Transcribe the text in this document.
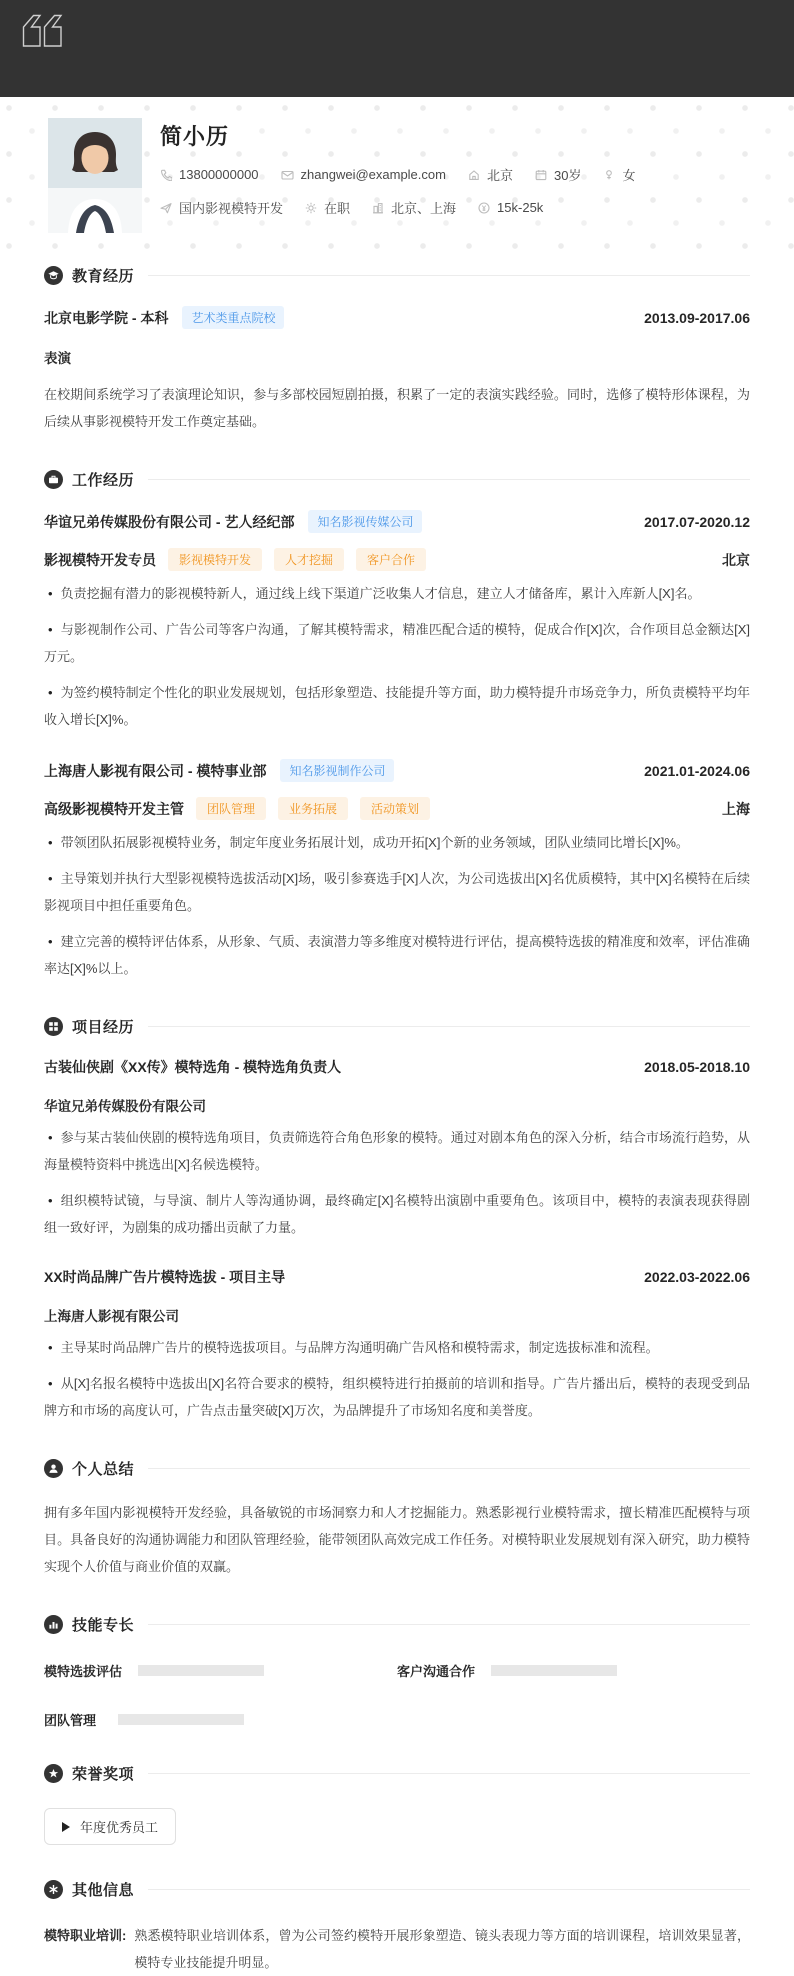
简小历
13800000000	zhangwei@example.com	北京	30岁	女
国内影视模特开发	在职	北京、上海	15k-25k
教育经历
北京电影学院 - 本科	艺术类重点院校	2013.09-2017.06
表演
在校期间系统学习了表演理论知识，参与多部校园短剧拍摄，积累了一定的表演实践经验。同时，选修了模特形体课程，为后续从事影视模特开发工作奠定基础。
工作经历
华谊兄弟传媒股份有限公司 - 艺人经纪部	知名影视传媒公司	2017.07-2020.12
影视模特开发专员	影视模特开发	人才挖掘	客户合作	北京
• 负责挖掘有潜力的影视模特新人，通过线上线下渠道广泛收集人才信息，建立人才储备库，累计入库新人[X]名。
• 与影视制作公司、广告公司等客户沟通，了解其模特需求，精准匹配合适的模特，促成合作[X]次，合作项目总金额达[X]万元。
• 为签约模特制定个性化的职业发展规划，包括形象塑造、技能提升等方面，助力模特提升市场竞争力，所负责模特平均年收入增长[X]%。
上海唐人影视有限公司 - 模特事业部	知名影视制作公司	2021.01-2024.06
高级影视模特开发主管	团队管理	业务拓展	活动策划	上海
• 带领团队拓展影视模特业务，制定年度业务拓展计划，成功开拓[X]个新的业务领域，团队业绩同比增长[X]%。
• 主导策划并执行大型影视模特选拔活动[X]场，吸引参赛选手[X]人次，为公司选拔出[X]名优质模特，其中[X]名模特在后续影视项目中担任重要角色。
• 建立完善的模特评估体系，从形象、气质、表演潜力等多维度对模特进行评估，提高模特选拔的精准度和效率，评估准确率达[X]%以上。
项目经历
古装仙侠剧《XX传》模特选角 - 模特选角负责人	2018.05-2018.10
华谊兄弟传媒股份有限公司
• 参与某古装仙侠剧的模特选角项目，负责筛选符合角色形象的模特。通过对剧本角色的深入分析，结合市场流行趋势，从海量模特资料中挑选出[X]名候选模特。
• 组织模特试镜，与导演、制片人等沟通协调，最终确定[X]名模特出演剧中重要角色。该项目中，模特的表演表现获得剧组一致好评，为剧集的成功播出贡献了力量。
XX时尚品牌广告片模特选拔 - 项目主导	2022.03-2022.06
上海唐人影视有限公司
• 主导某时尚品牌广告片的模特选拔项目。与品牌方沟通明确广告风格和模特需求，制定选拔标准和流程。
• 从[X]名报名模特中选拔出[X]名符合要求的模特，组织模特进行拍摄前的培训和指导。广告片播出后，模特的表现受到品牌方和市场的高度认可，广告点击量突破[X]万次，为品牌提升了市场知名度和美誉度。
个人总结
拥有多年国内影视模特开发经验，具备敏锐的市场洞察力和人才挖掘能力。熟悉影视行业模特需求，擅长精准匹配模特与项目。具备良好的沟通协调能力和团队管理经验，能带领团队高效完成工作任务。对模特职业发展规划有深入研究，助力模特实现个人价值与商业价值的双赢。
技能专长
模特选拔评估	客户沟通合作
团队管理
荣誉奖项
年度优秀员工
其他信息
模特职业培训: 熟悉模特职业培训体系，曾为公司签约模特开展形象塑造、镜头表现力等方面的培训课程，培训效果显著，模特专业技能提升明显。
